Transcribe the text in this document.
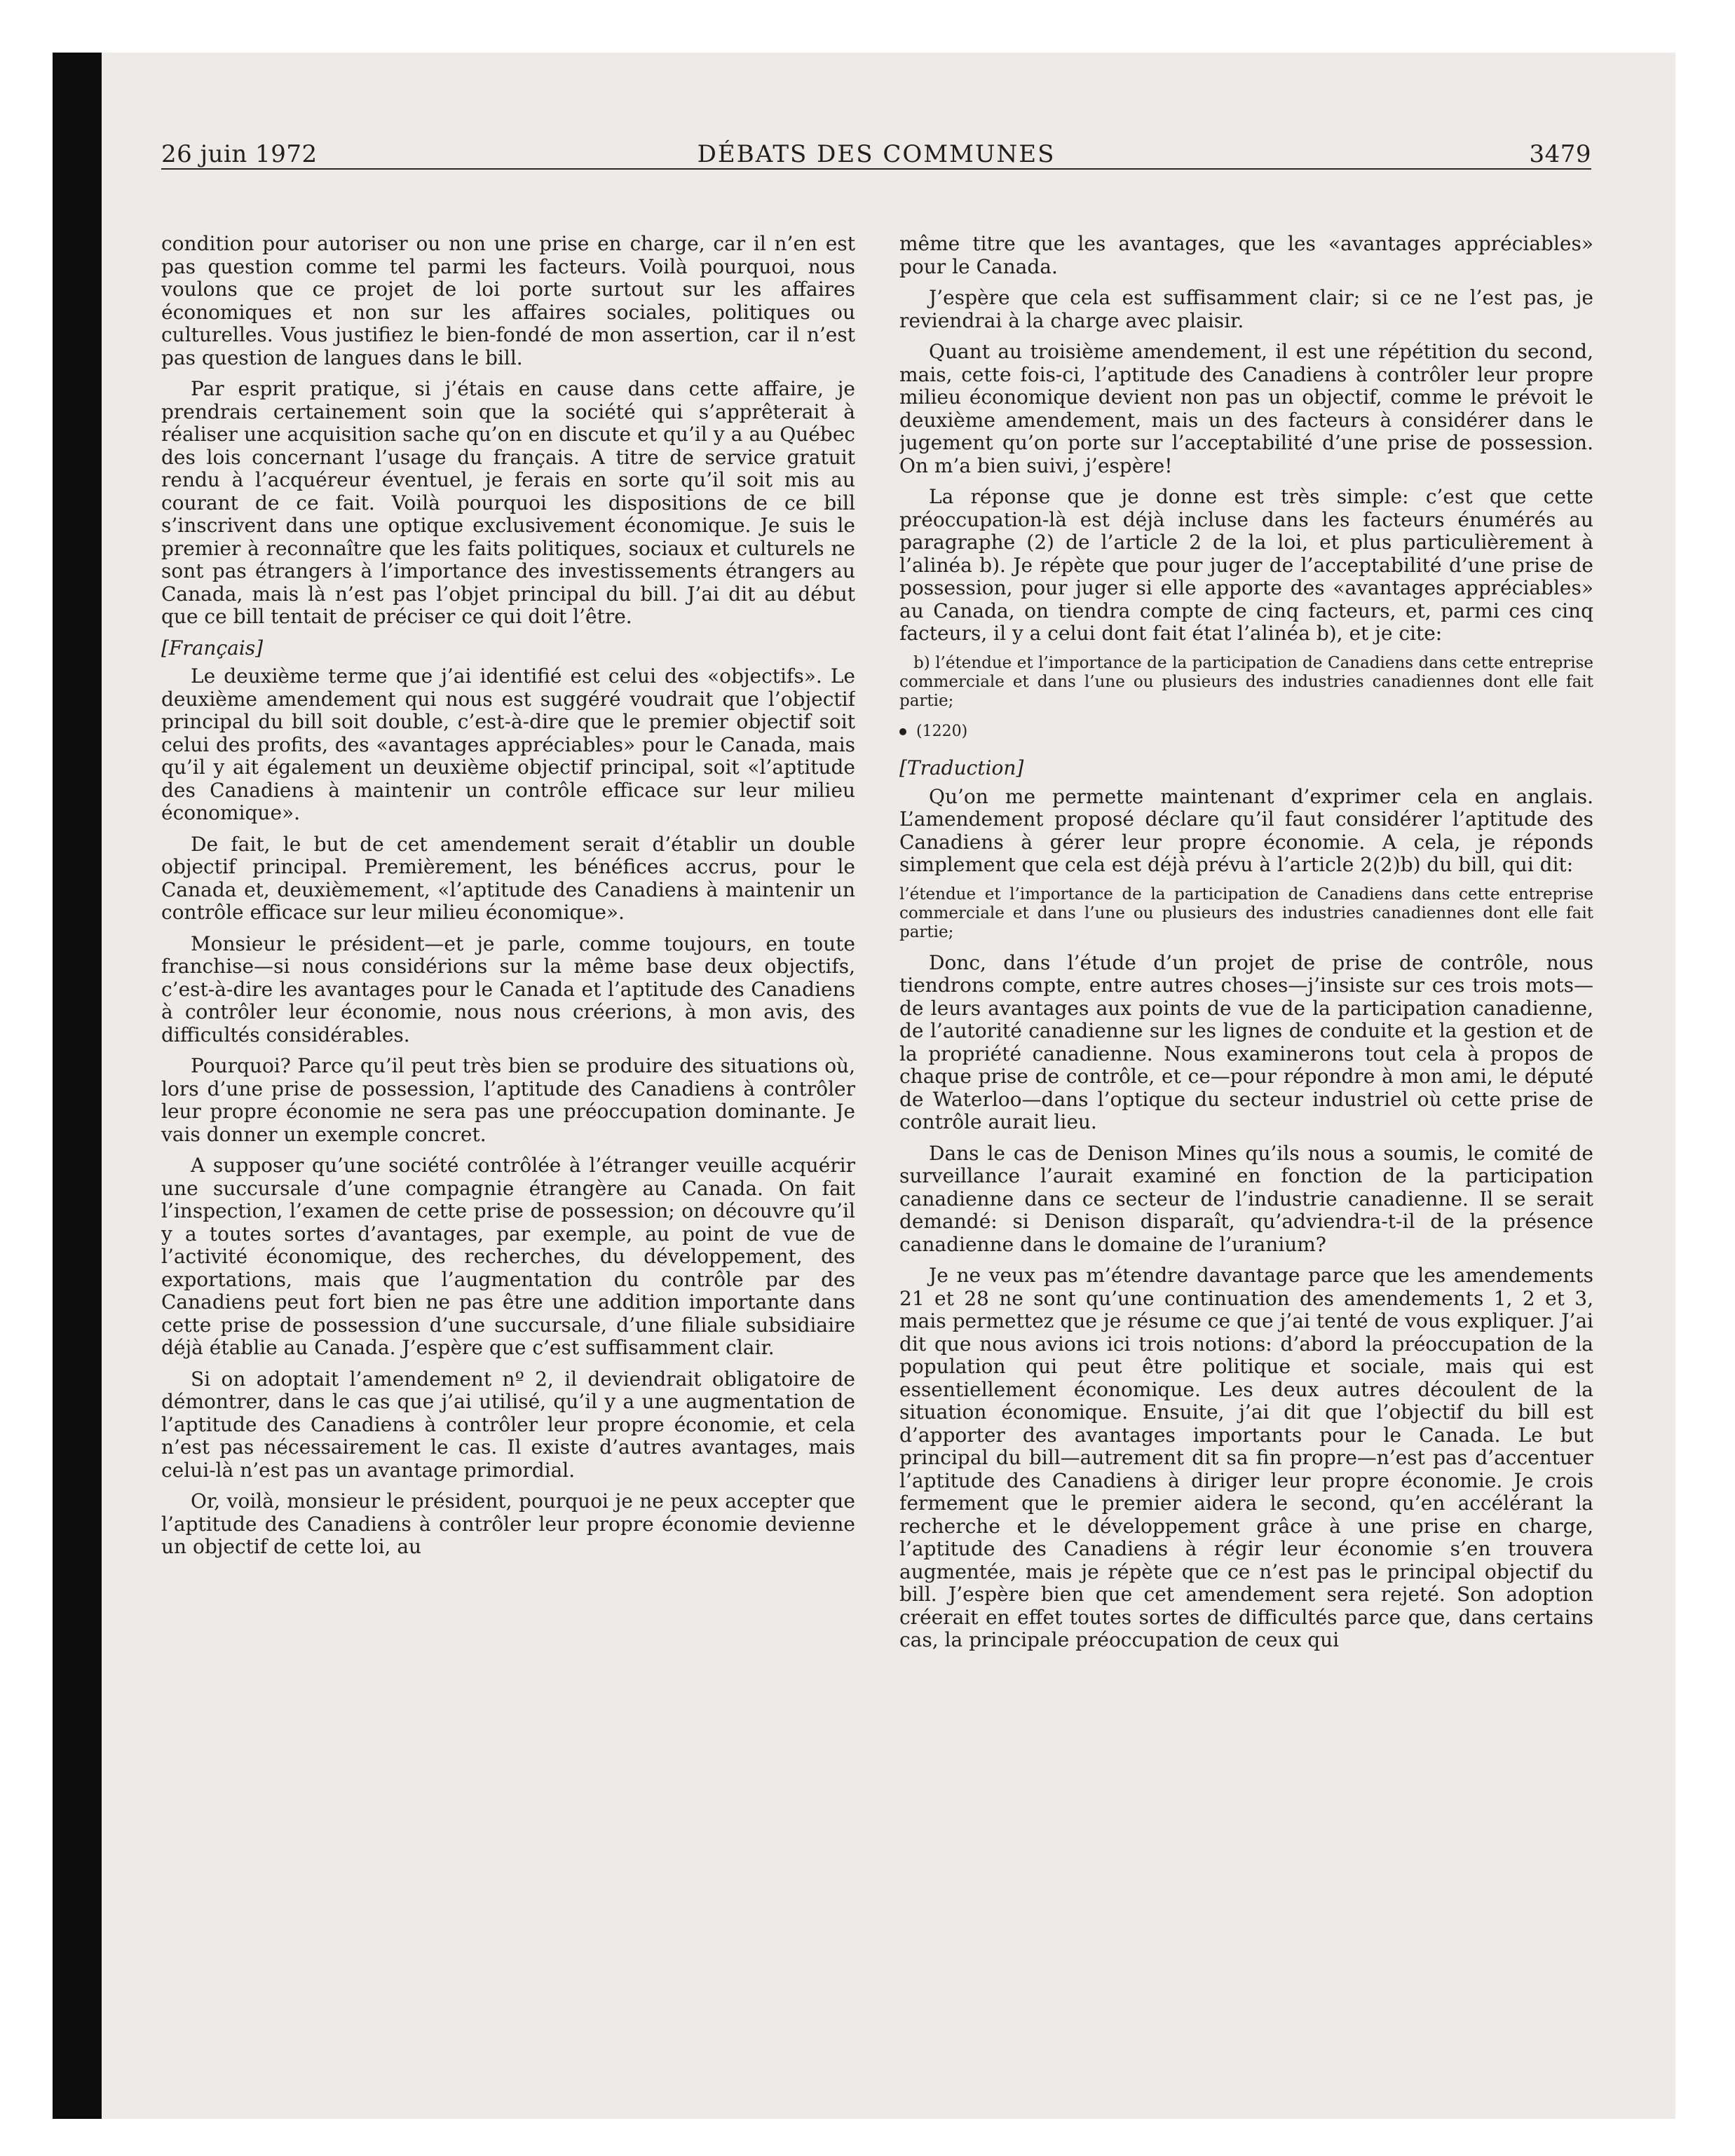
26 juin 1972	DÉBATS DES COMMUNES	3479

condition pour autoriser ou non une prise en charge, car il n’en est pas question comme tel parmi les facteurs. Voilà pourquoi, nous voulons que ce projet de loi porte surtout sur les affaires économiques et non sur les affaires sociales, politiques ou culturelles. Vous justifiez le bien-fondé de mon assertion, car il n’est pas question de langues dans le bill.

Par esprit pratique, si j’étais en cause dans cette affaire, je prendrais certainement soin que la société qui s’apprêterait à réaliser une acquisition sache qu’on en discute et qu’il y a au Québec des lois concernant l’usage du français. A titre de service gratuit rendu à l’acquéreur éventuel, je ferais en sorte qu’il soit mis au courant de ce fait. Voilà pourquoi les dispositions de ce bill s’inscrivent dans une optique exclusivement économique. Je suis le premier à reconnaître que les faits politiques, sociaux et culturels ne sont pas étrangers à l’importance des investissements étrangers au Canada, mais là n’est pas l’objet principal du bill. J’ai dit au début que ce bill tentait de préciser ce qui doit l’être.

[Français]

Le deuxième terme que j’ai identifié est celui des «objectifs». Le deuxième amendement qui nous est suggéré voudrait que l’objectif principal du bill soit double, c’est-à-dire que le premier objectif soit celui des profits, des «avantages appréciables» pour le Canada, mais qu’il y ait également un deuxième objectif principal, soit «l’aptitude des Canadiens à maintenir un contrôle efficace sur leur milieu économique».

De fait, le but de cet amendement serait d’établir un double objectif principal. Premièrement, les bénéfices accrus, pour le Canada et, deuxièmement, «l’aptitude des Canadiens à maintenir un contrôle efficace sur leur milieu économique».

Monsieur le président—et je parle, comme toujours, en toute franchise—si nous considérions sur la même base deux objectifs, c’est-à-dire les avantages pour le Canada et l’aptitude des Canadiens à contrôler leur économie, nous nous créerions, à mon avis, des difficultés considérables.

Pourquoi? Parce qu’il peut très bien se produire des situations où, lors d’une prise de possession, l’aptitude des Canadiens à contrôler leur propre économie ne sera pas une préoccupation dominante. Je vais donner un exemple concret.

A supposer qu’une société contrôlée à l’étranger veuille acquérir une succursale d’une compagnie étrangère au Canada. On fait l’inspection, l’examen de cette prise de possession; on découvre qu’il y a toutes sortes d’avantages, par exemple, au point de vue de l’activité économique, des recherches, du développement, des exportations, mais que l’augmentation du contrôle par des Canadiens peut fort bien ne pas être une addition importante dans cette prise de possession d’une succursale, d’une filiale subsidiaire déjà établie au Canada. J’espère que c’est suffisamment clair.

Si on adoptait l’amendement nº 2, il deviendrait obligatoire de démontrer, dans le cas que j’ai utilisé, qu’il y a une augmentation de l’aptitude des Canadiens à contrôler leur propre économie, et cela n’est pas nécessairement le cas. Il existe d’autres avantages, mais celui-là n’est pas un avantage primordial.

Or, voilà, monsieur le président, pourquoi je ne peux accepter que l’aptitude des Canadiens à contrôler leur propre économie devienne un objectif de cette loi, au

même titre que les avantages, que les «avantages appréciables» pour le Canada.

J’espère que cela est suffisamment clair; si ce ne l’est pas, je reviendrai à la charge avec plaisir.

Quant au troisième amendement, il est une répétition du second, mais, cette fois-ci, l’aptitude des Canadiens à contrôler leur propre milieu économique devient non pas un objectif, comme le prévoit le deuxième amendement, mais un des facteurs à considérer dans le jugement qu’on porte sur l’acceptabilité d’une prise de possession. On m’a bien suivi, j’espère!

La réponse que je donne est très simple: c’est que cette préoccupation-là est déjà incluse dans les facteurs énumérés au paragraphe (2) de l’article 2 de la loi, et plus particulièrement à l’alinéa b). Je répète que pour juger de l’acceptabilité d’une prise de possession, pour juger si elle apporte des «avantages appréciables» au Canada, on tiendra compte de cinq facteurs, et, parmi ces cinq facteurs, il y a celui dont fait état l’alinéa b), et je cite:

b) l’étendue et l’importance de la participation de Canadiens dans cette entreprise commerciale et dans l’une ou plusieurs des industries canadiennes dont elle fait partie;

(1220)

[Traduction]

Qu’on me permette maintenant d’exprimer cela en anglais. L’amendement proposé déclare qu’il faut considérer l’aptitude des Canadiens à gérer leur propre économie. A cela, je réponds simplement que cela est déjà prévu à l’article 2(2)b) du bill, qui dit:

l’étendue et l’importance de la participation de Canadiens dans cette entreprise commerciale et dans l’une ou plusieurs des industries canadiennes dont elle fait partie;

Donc, dans l’étude d’un projet de prise de contrôle, nous tiendrons compte, entre autres choses—j’insiste sur ces trois mots—de leurs avantages aux points de vue de la participation canadienne, de l’autorité canadienne sur les lignes de conduite et la gestion et de la propriété canadienne. Nous examinerons tout cela à propos de chaque prise de contrôle, et ce—pour répondre à mon ami, le député de Waterloo—dans l’optique du secteur industriel où cette prise de contrôle aurait lieu.

Dans le cas de Denison Mines qu’ils nous a soumis, le comité de surveillance l’aurait examiné en fonction de la participation canadienne dans ce secteur de l’industrie canadienne. Il se serait demandé: si Denison disparaît, qu’adviendra-t-il de la présence canadienne dans le domaine de l’uranium?

Je ne veux pas m’étendre davantage parce que les amendements 21 et 28 ne sont qu’une continuation des amendements 1, 2 et 3, mais permettez que je résume ce que j’ai tenté de vous expliquer. J’ai dit que nous avions ici trois notions: d’abord la préoccupation de la population qui peut être politique et sociale, mais qui est essentiellement économique. Les deux autres découlent de la situation économique. Ensuite, j’ai dit que l’objectif du bill est d’apporter des avantages importants pour le Canada. Le but principal du bill—autrement dit sa fin propre—n’est pas d’accentuer l’aptitude des Canadiens à diriger leur propre économie. Je crois fermement que le premier aidera le second, qu’en accélérant la recherche et le développement grâce à une prise en charge, l’aptitude des Canadiens à régir leur économie s’en trouvera augmentée, mais je répète que ce n’est pas le principal objectif du bill. J’espère bien que cet amendement sera rejeté. Son adoption créerait en effet toutes sortes de difficultés parce que, dans certains cas, la principale préoccupation de ceux qui
